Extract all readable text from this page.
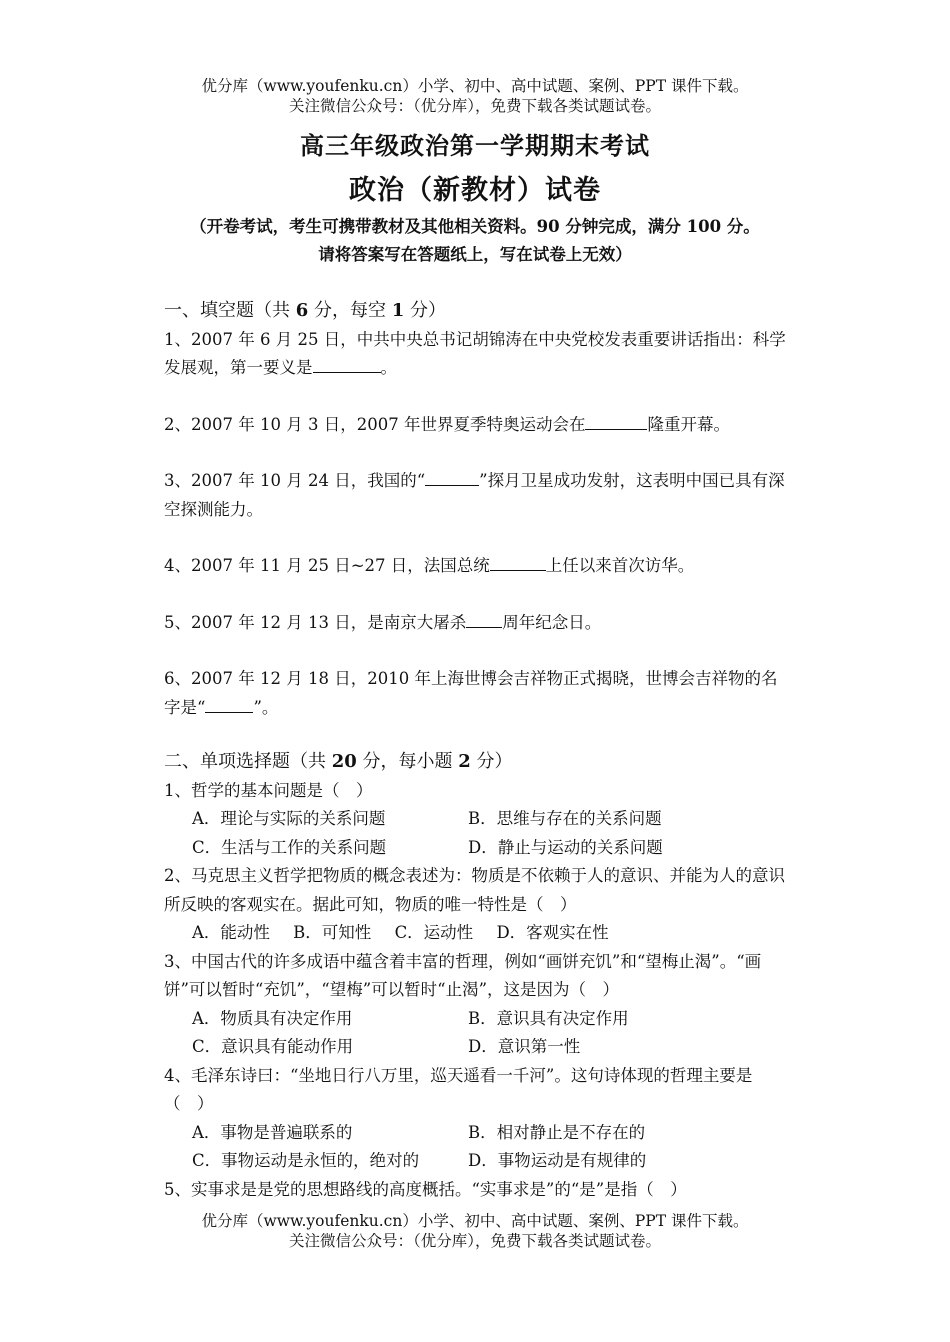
优分库（www.youfenku.cn）小学、初中、高中试题、案例、PPT 课件下载。
关注微信公众号：（优分库），免费下载各类试题试卷。
高三年级政治第一学期期末考试
政治（新教材）试卷
（开卷考试，考生可携带教材及其他相关资料。90 分钟完成，满分 100 分。
请将答案写在答题纸上，写在试卷上无效）
一、填空题（共 6 分，每空 1 分）

1、2007 年 6 月 25 日，中共中央总书记胡锦涛在中央党校发表重要讲话指出：科学发展观，第一要义是	。

2、2007 年 10 月 3 日，2007 年世界夏季特奥运动会在	隆重开幕。

3、2007 年 10 月 24 日，我国的“	”探月卫星成功发射，这表明中国已具有深空探测能力。

4、2007 年 11 月 25 日~27 日，法国总统	上任以来首次访华。

5、2007 年 12 月 13 日，是南京大屠杀 周年纪念日。

6、2007 年 12 月 18 日，2010 年上海世博会吉祥物正式揭晓，世博会吉祥物的名字是“	”。

二、单项选择题（共 20 分，每小题 2 分）

1、哲学的基本问题是（　）

A．理论与实际的关系问题	B．思维与存在的关系问题
C．生活与工作的关系问题	D．静止与运动的关系问题

2、马克思主义哲学把物质的概念表述为：物质是不依赖于人的意识、并能为人的意识所反映的客观实在。据此可知，物质的唯一特性是（　）

A．能动性 B．可知性 C．运动性 D．客观实在性

3、中国古代的许多成语中蕴含着丰富的哲理，例如“画饼充饥”和“望梅止渴”。“画饼”可以暂时“充饥”，“望梅”可以暂时“止渴”，这是因为（　）

A．物质具有决定作用	B．意识具有决定作用
C．意识具有能动作用	D．意识第一性

4、毛泽东诗曰：“坐地日行八万里，巡天遥看一千河”。这句诗体现的哲理主要是（　）

A．事物是普遍联系的	B．相对静止是不存在的
C．事物运动是永恒的，绝对的	D．事物运动是有规律的

5、实事求是是党的思想路线的高度概括。“实事求是”的“是”是指（　）

优分库（www.youfenku.cn）小学、初中、高中试题、案例、PPT 课件下载。
关注微信公众号：（优分库），免费下载各类试题试卷。
